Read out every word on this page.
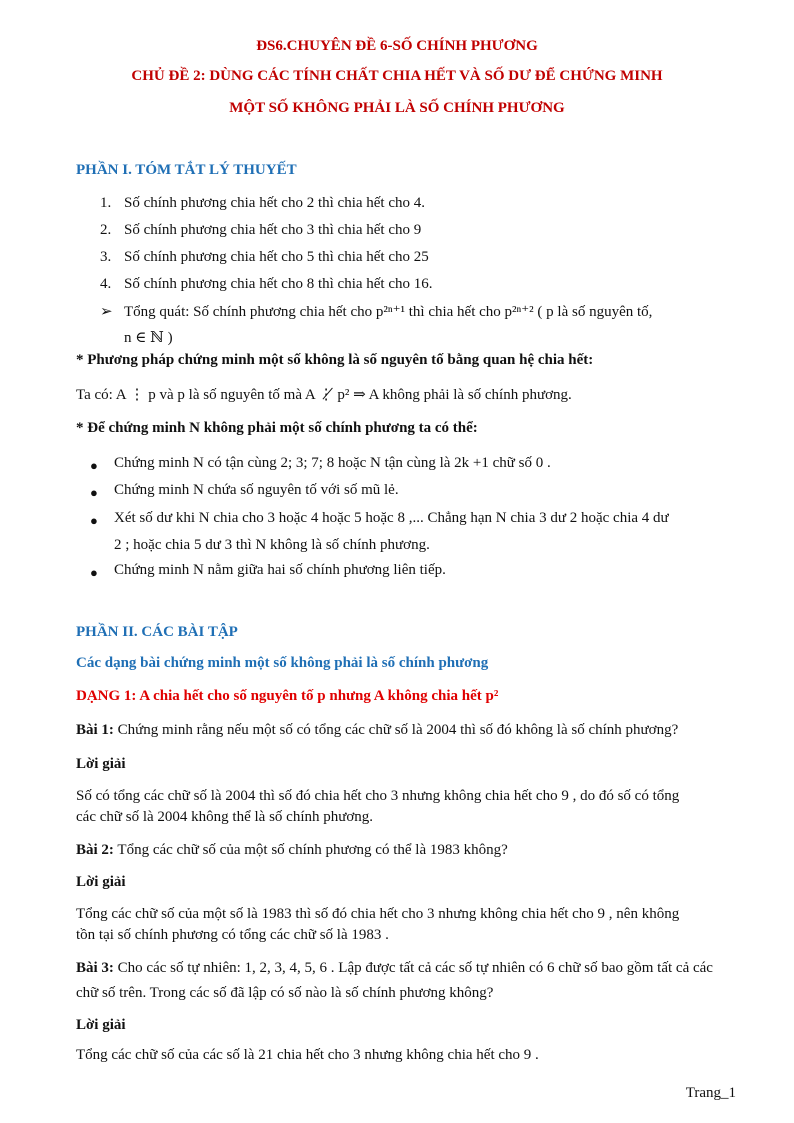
ĐS6.CHUYÊN ĐỀ 6-SỐ CHÍNH PHƯƠNG
CHỦ ĐỀ 2: DÙNG CÁC TÍNH CHẤT CHIA HẾT VÀ SỐ DƯ ĐỂ CHỨNG MINH
MỘT SỐ KHÔNG PHẢI LÀ SỐ CHÍNH PHƯƠNG
PHẦN I. TÓM TẮT LÝ THUYẾT
1. Số chính phương chia hết cho 2 thì chia hết cho 4.
2. Số chính phương chia hết cho 3 thì chia hết cho 9
3. Số chính phương chia hết cho 5 thì chia hết cho 25
4. Số chính phương chia hết cho 8 thì chia hết cho 16.
➢ Tổng quát: Số chính phương chia hết cho p²ⁿ⁺¹ thì chia hết cho p²ⁿ⁺² ( p là số nguyên tố,
n ∈ ℕ )
* Phương pháp chứng minh một số không là số nguyên tố bằng quan hệ chia hết:
Ta có: A ⋮ p và p là số nguyên tố mà A ⋮̸ p² ⇒ A không phải là số chính phương.
* Để chứng minh N không phải một số chính phương ta có thể:
● Chứng minh N có tận cùng 2; 3; 7; 8 hoặc N tận cùng là 2k +1 chữ số 0 .
● Chứng minh N chứa số nguyên tố với số mũ lẻ.
● Xét số dư khi N chia cho 3 hoặc 4 hoặc 5 hoặc 8 ,... Chẳng hạn N chia 3 dư 2 hoặc chia 4 dư
2 ; hoặc chia 5 dư 3 thì N không là số chính phương.
● Chứng minh N nằm giữa hai số chính phương liên tiếp.
PHẦN II. CÁC BÀI TẬP
Các dạng bài chứng minh một số không phải là số chính phương
DẠNG 1: A chia hết cho số nguyên tố p nhưng A không chia hết p²
Bài 1: Chứng minh rằng nếu một số có tổng các chữ số là 2004 thì số đó không là số chính phương?
Lời giải
Số có tổng các chữ số là 2004 thì số đó chia hết cho 3 nhưng không chia hết cho 9 , do đó số có tổng
các chữ số là 2004 không thể là số chính phương.
Bài 2: Tổng các chữ số của một số chính phương có thể là 1983 không?
Lời giải
Tổng các chữ số của một số là 1983 thì số đó chia hết cho 3 nhưng không chia hết cho 9 , nên không
tồn tại số chính phương có tổng các chữ số là 1983 .
Bài 3: Cho các số tự nhiên: 1, 2, 3, 4, 5, 6 . Lập được tất cả các số tự nhiên có 6 chữ số bao gồm tất cả các
chữ số trên. Trong các số đã lập có số nào là số chính phương không?
Lời giải
Tổng các chữ số của các số là 21 chia hết cho 3 nhưng không chia hết cho 9 .
Trang_1
